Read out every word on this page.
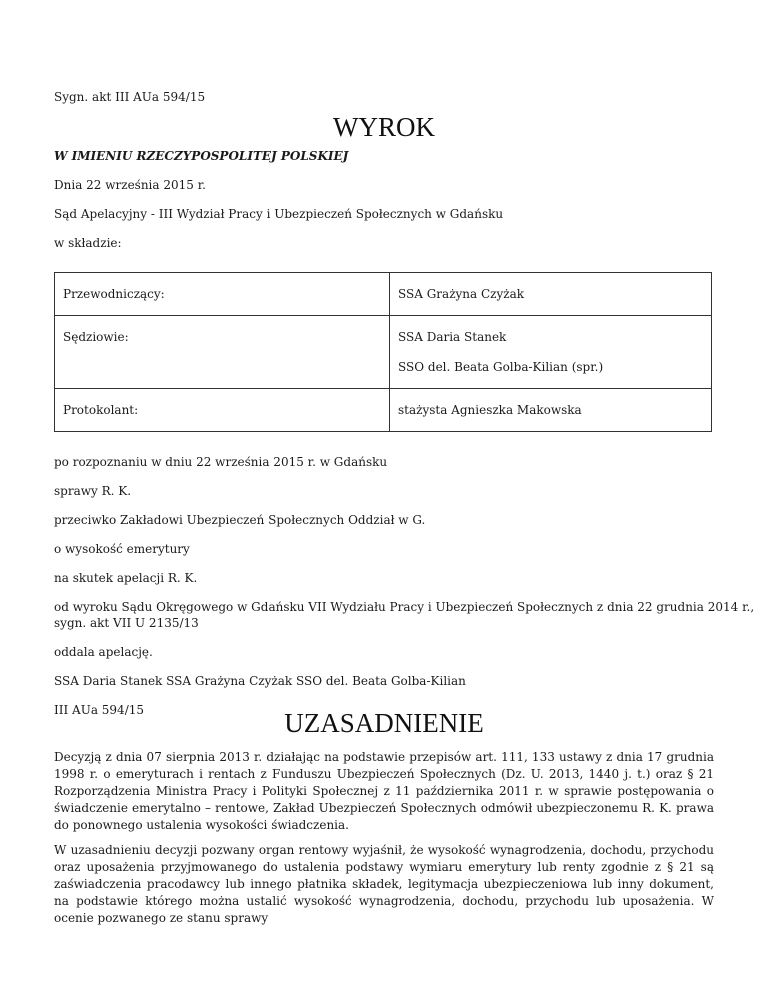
Sygn. akt III AUa 594/15

WYROK

W IMIENIU RZECZYPOSPOLITEJ POLSKIEJ

Dnia 22 września 2015 r.

Sąd Apelacyjny - III Wydział Pracy i Ubezpieczeń Społecznych w Gdańsku

w składzie:

Przewodniczący:	SSA Grażyna Czyżak

Sędziowie:	SSA Daria Stanek

SSO del. Beata Golba-Kilian (spr.)

Protokolant:	stażysta Agnieszka Makowska

po rozpoznaniu w dniu 22 września 2015 r. w Gdańsku

sprawy R. K.

przeciwko Zakładowi Ubezpieczeń Społecznych Oddział w G.

o wysokość emerytury

na skutek apelacji R. K.

od wyroku Sądu Okręgowego w Gdańsku VII Wydziału Pracy i Ubezpieczeń Społecznych z dnia 22 grudnia 2014 r.,

sygn. akt VII U 2135/13

oddala apelację.

SSA Daria Stanek SSA Grażyna Czyżak SSO del. Beata Golba-Kilian

III AUa 594/15	UZASADNIENIE

Decyzją z dnia 07 sierpnia 2013 r. działając na podstawie przepisów art. 111, 133 ustawy z dnia 17 grudnia 1998 r. o emeryturach i rentach z Funduszu Ubezpieczeń Społecznych (Dz. U. 2013, 1440 j. t.) oraz § 21 Rozporządzenia Ministra Pracy i Polityki Społecznej z 11 października 2011 r. w sprawie postępowania o świadczenie emerytalno – rentowe, Zakład Ubezpieczeń Społecznych odmówił ubezpieczonemu R. K. prawa do ponownego ustalenia wysokości świadczenia.

W uzasadnieniu decyzji pozwany organ rentowy wyjaśnił, że wysokość wynagrodzenia, dochodu, przychodu oraz uposażenia przyjmowanego do ustalenia podstawy wymiaru emerytury lub renty zgodnie z § 21 są zaświadczenia pracodawcy lub innego płatnika składek, legitymacja ubezpieczeniowa lub inny dokument, na podstawie którego można ustalić wysokość wynagrodzenia, dochodu, przychodu lub uposażenia. W ocenie pozwanego ze stanu sprawy
